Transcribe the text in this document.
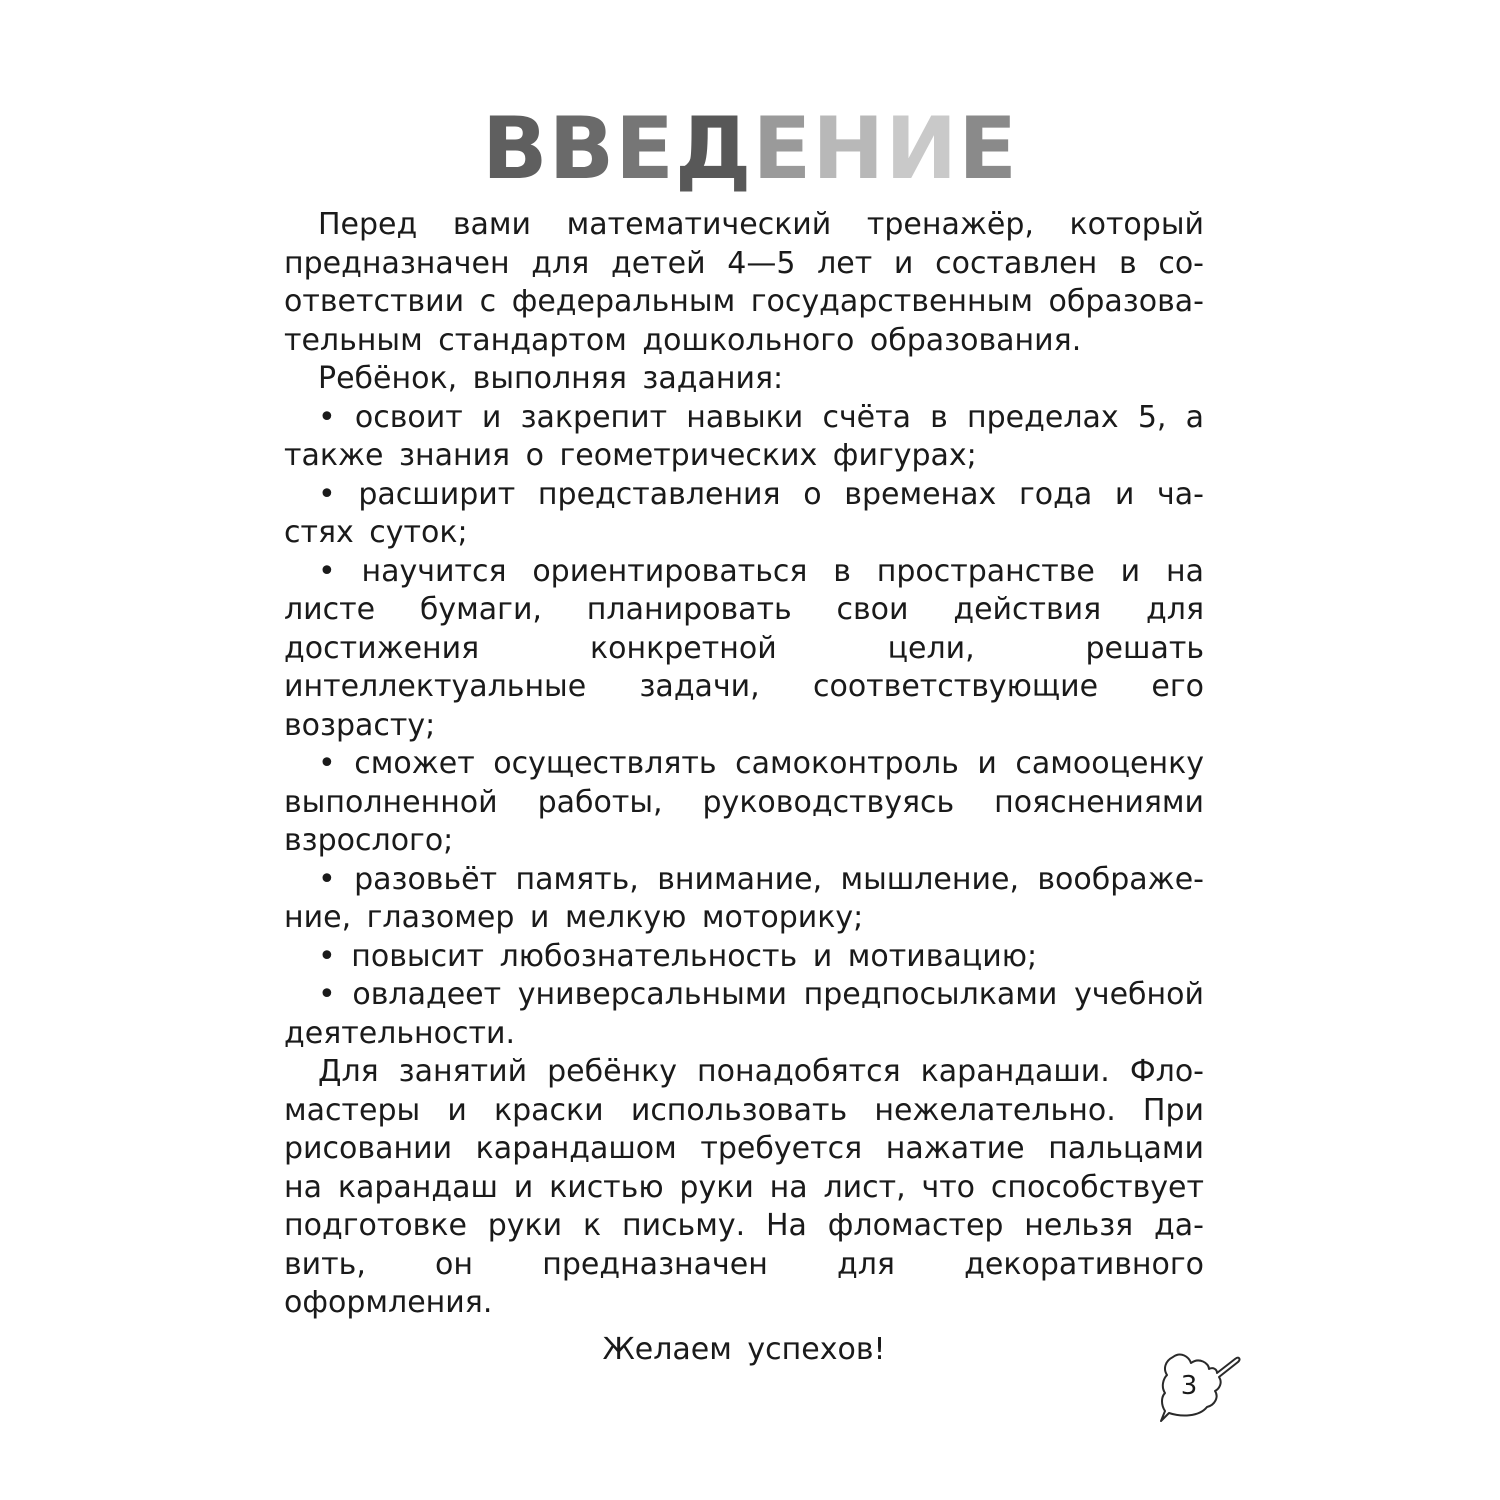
ВВЕДЕНИЕ

Перед вами математический тренажёр, который предназначен для детей 4—5 лет и составлен в соответствии с федеральным государственным образовательным стандартом дошкольного образования.

Ребёнок, выполняя задания:

• освоит и закрепит навыки счёта в пределах 5, а также знания о геометрических фигурах;

• расширит представления о временах года и частях суток;

• научится ориентироваться в пространстве и на листе бумаги, планировать свои действия для достижения конкретной цели, решать интеллектуальные задачи, соответствующие его возрасту;

• сможет осуществлять самоконтроль и самооценку выполненной работы, руководствуясь пояснениями взрослого;

• разовьёт память, внимание, мышление, воображение, глазомер и мелкую моторику;

• повысит любознательность и мотивацию;

• овладеет универсальными предпосылками учебной деятельности.

Для занятий ребёнку понадобятся карандаши. Фломастеры и краски использовать нежелательно. При рисовании карандашом требуется нажатие пальцами на карандаш и кистью руки на лист, что способствует подготовке руки к письму. На фломастер нельзя давить, он предназначен для декоративного оформления.

Желаем успехов!

3
